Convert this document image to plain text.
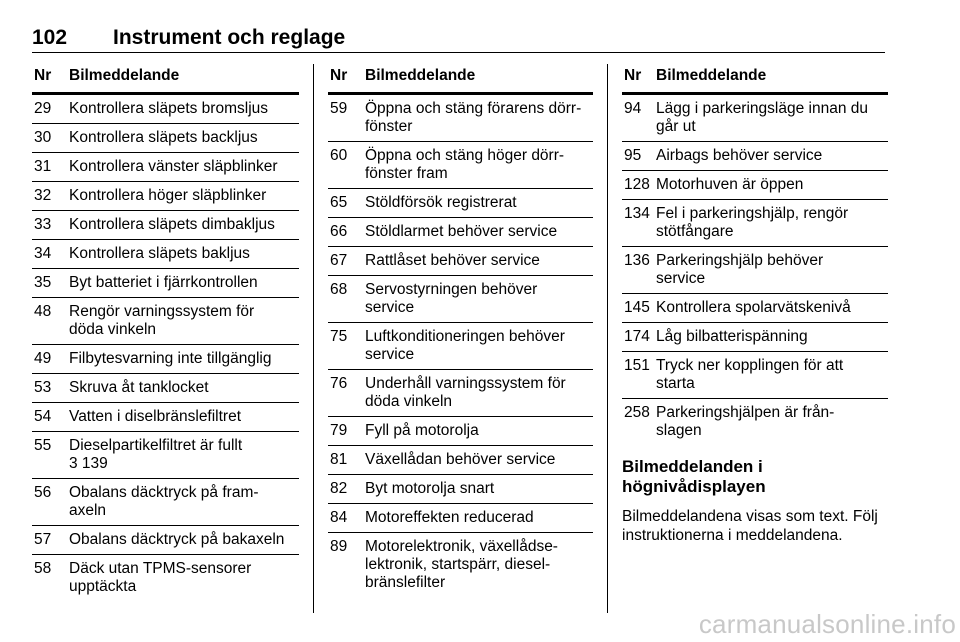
102 Instrument och reglage
Nr Bilmeddelande
29	Kontrollera släpets bromsljus
30	Kontrollera släpets backljus
31	Kontrollera vänster släpblinker
32	Kontrollera höger släpblinker
33	Kontrollera släpets dimbakljus
34	Kontrollera släpets bakljus
35	Byt batteriet i fjärrkontrollen
48	Rengör varningssystem för
döda vinkeln
49	Filbytesvarning inte tillgänglig
53	Skruva åt tanklocket
54	Vatten i diselbränslefiltret
55	Dieselpartikelfiltret är fullt
3 139
56	Obalans däcktryck på fram-
axeln
57	Obalans däcktryck på bakaxeln
58	Däck utan TPMS-sensorer
upptäckta
Nr Bilmeddelande
59	Öppna och stäng förarens dörr-
fönster
60	Öppna och stäng höger dörr-
fönster fram
65	Stöldförsök registrerat
66	Stöldlarmet behöver service
67	Rattlåset behöver service
68	Servostyrningen behöver
service
75	Luftkonditioneringen behöver
service
76	Underhåll varningssystem för
döda vinkeln
79	Fyll på motorolja
81	Växellådan behöver service
82	Byt motorolja snart
84	Motoreffekten reducerad
89	Motorelektronik, växellådse-
lektronik, startspärr, diesel-
bränslefilter
Nr Bilmeddelande
94 Lägg i parkeringsläge innan du
går ut
95 Airbags behöver service
128 Motorhuven är öppen
134 Fel i parkeringshjälp, rengör
stötfångare
136 Parkeringshjälp behöver
service
145 Kontrollera spolarvätskenivå
174 Låg bilbatterispänning
151 Tryck ner kopplingen för att
starta
258 Parkeringshjälpen är från-
slagen
Bilmeddelanden i
högnivådisplayen
Bilmeddelandena visas som text. Följ
instruktionerna i meddelandena.
carmanualsonline.info
